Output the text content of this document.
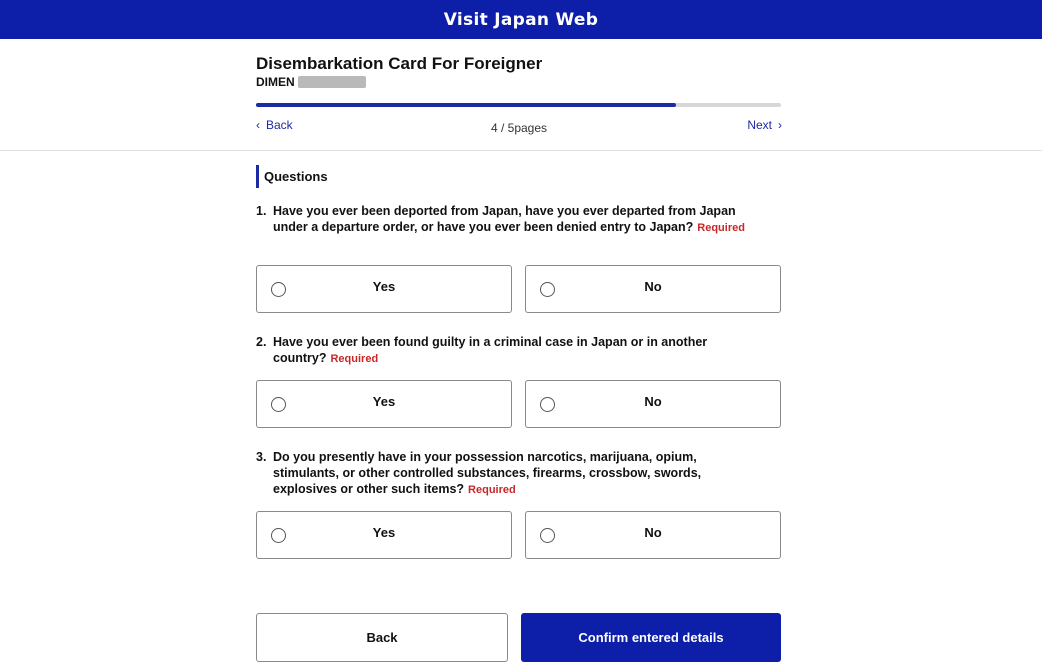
Visit Japan Web
Disembarkation Card For Foreigner
DIMEN
‹ Back	4 / 5pages	Next ›
Questions
1. Have you ever been deported from Japan, have you ever departed from Japan under a departure order, or have you ever been denied entry to Japan? Required
Yes	No
2. Have you ever been found guilty in a criminal case in Japan or in another country? Required
Yes	No
3. Do you presently have in your possession narcotics, marijuana, opium, stimulants, or other controlled substances, firearms, crossbow, swords, explosives or other such items? Required
Yes	No
Back	Confirm entered details
